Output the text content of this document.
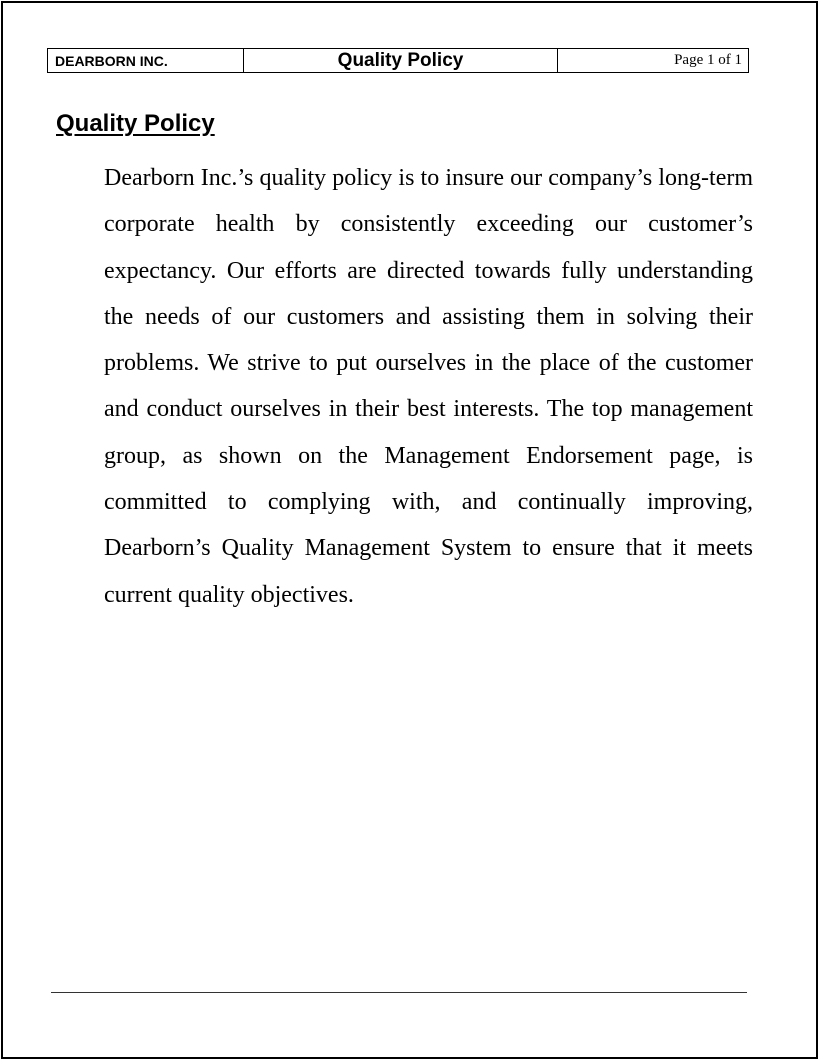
DEARBORN INC.	Quality Policy	Page 1 of 1
Quality Policy

Dearborn Inc.’s quality policy is to insure our company’s long-term corporate health by consistently exceeding our customer’s expectancy. Our efforts are directed towards fully understanding the needs of our customers and assisting them in solving their problems. We strive to put ourselves in the place of the customer and conduct ourselves in their best interests. The top management group, as shown on the Management Endorsement page, is committed to complying with, and continually improving, Dearborn’s Quality Management System to ensure that it meets current quality objectives.
